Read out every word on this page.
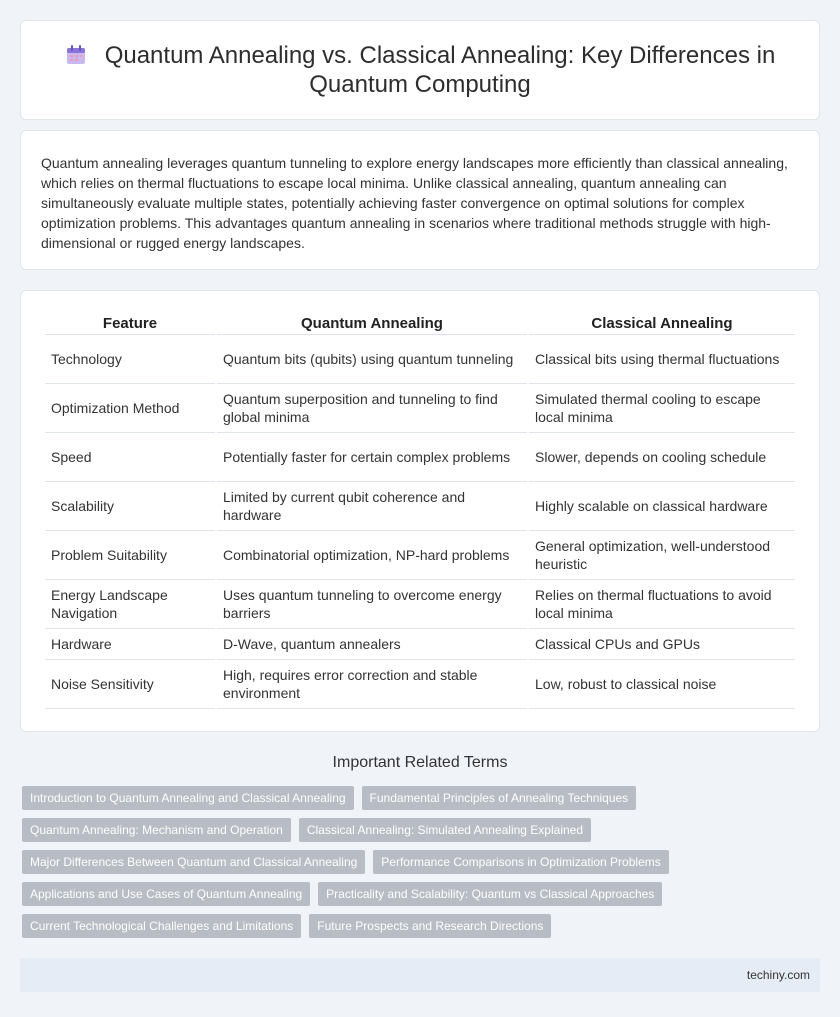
Quantum Annealing vs. Classical Annealing: Key Differences in Quantum Computing

Quantum annealing leverages quantum tunneling to explore energy landscapes more efficiently than classical annealing, which relies on thermal fluctuations to escape local minima. Unlike classical annealing, quantum annealing can simultaneously evaluate multiple states, potentially achieving faster convergence on optimal solutions for complex optimization problems. This advantages quantum annealing in scenarios where traditional methods struggle with high-dimensional or rugged energy landscapes.

Feature	Quantum Annealing	Classical Annealing
Technology	Quantum bits (qubits) using quantum tunneling	Classical bits using thermal fluctuations
Optimization Method	Quantum superposition and tunneling to find global minima	Simulated thermal cooling to escape local minima
Speed	Potentially faster for certain complex problems	Slower, depends on cooling schedule
Scalability	Limited by current qubit coherence and hardware	Highly scalable on classical hardware
Problem Suitability	Combinatorial optimization, NP-hard problems	General optimization, well-understood heuristic
Energy Landscape Navigation	Uses quantum tunneling to overcome energy barriers	Relies on thermal fluctuations to avoid local minima
Hardware	D-Wave, quantum annealers	Classical CPUs and GPUs
Noise Sensitivity	High, requires error correction and stable environment	Low, robust to classical noise
Important Related Terms
Introduction to Quantum Annealing and Classical Annealing	Fundamental Principles of Annealing Techniques
Quantum Annealing: Mechanism and Operation	Classical Annealing: Simulated Annealing Explained
Major Differences Between Quantum and Classical Annealing	Performance Comparisons in Optimization Problems
Applications and Use Cases of Quantum Annealing	Practicality and Scalability: Quantum vs Classical Approaches
Current Technological Challenges and Limitations	Future Prospects and Research Directions
techiny.com
